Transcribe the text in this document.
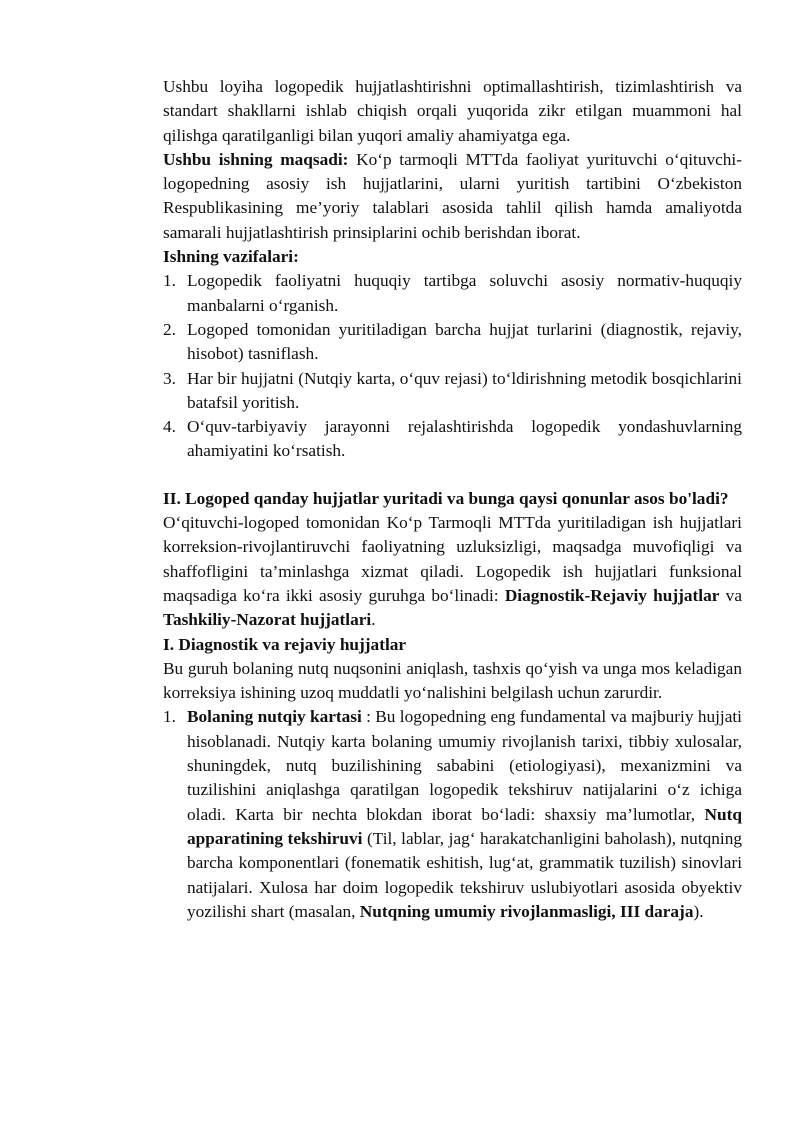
Ushbu loyiha logopedik hujjatlashtirishni optimallashtirish, tizimlashtirish va standart shakllarni ishlab chiqish orqali yuqorida zikr etilgan muammoni hal qilishga qaratilganligi bilan yuqori amaliy ahamiyatga ega.

Ushbu ishning maqsadi: Ko‘p tarmoqli MTTda faoliyat yurituvchi o‘qituvchi-logopedning asosiy ish hujjatlarini, ularni yuritish tartibini O‘zbekiston Respublikasining me’yoriy talablari asosida tahlil qilish hamda amaliyotda samarali hujjatlashtirish prinsiplarini ochib berishdan iborat.

Ishning vazifalari:

1. Logopedik faoliyatni huquqiy tartibga soluvchi asosiy normativ-huquqiy manbalarni o‘rganish.
2. Logoped tomonidan yuritiladigan barcha hujjat turlarini (diagnostik, rejaviy, hisobot) tasniflash.
3. Har bir hujjatni (Nutqiy karta, o‘quv rejasi) to‘ldirishning metodik bosqichlarini batafsil yoritish.
4. O‘quv-tarbiyaviy jarayonni rejalashtirishda logopedik yondashuvlarning ahamiyatini ko‘rsatish.

II. Logoped qanday hujjatlar yuritadi va bunga qaysi qonunlar asos bo'ladi?

O‘qituvchi-logoped tomonidan Ko‘p Tarmoqli MTTda yuritiladigan ish hujjatlari korreksion-rivojlantiruvchi faoliyatning uzluksizligi, maqsadga muvofiqligi va shaffofligini ta’minlashga xizmat qiladi. Logopedik ish hujjatlari funksional maqsadiga ko‘ra ikki asosiy guruhga bo‘linadi: Diagnostik-Rejaviy hujjatlar va Tashkiliy-Nazorat hujjatlari.

I. Diagnostik va rejaviy hujjatlar

Bu guruh bolaning nutq nuqsonini aniqlash, tashxis qo‘yish va unga mos keladigan korreksiya ishining uzoq muddatli yo‘nalishini belgilash uchun zarurdir.

1. Bolaning nutqiy kartasi : Bu logopedning eng fundamental va majburiy hujjati hisoblanadi. Nutqiy karta bolaning umumiy rivojlanish tarixi, tibbiy xulosalar, shuningdek, nutq buzilishining sababini (etiologiyasi), mexanizmini va tuzilishini aniqlashga qaratilgan logopedik tekshiruv natijalarini o‘z ichiga oladi. Karta bir nechta blokdan iborat bo‘ladi: shaxsiy ma’lumotlar, Nutq apparatining tekshiruvi (Til, lablar, jag‘ harakatchanligini baholash), nutqning barcha komponentlari (fonematik eshitish, lug‘at, grammatik tuzilish) sinovlari natijalari. Xulosa har doim logopedik tekshiruv uslubiyotlari asosida obyektiv yozilishi shart (masalan, Nutqning umumiy rivojlanmasligi, III daraja).
